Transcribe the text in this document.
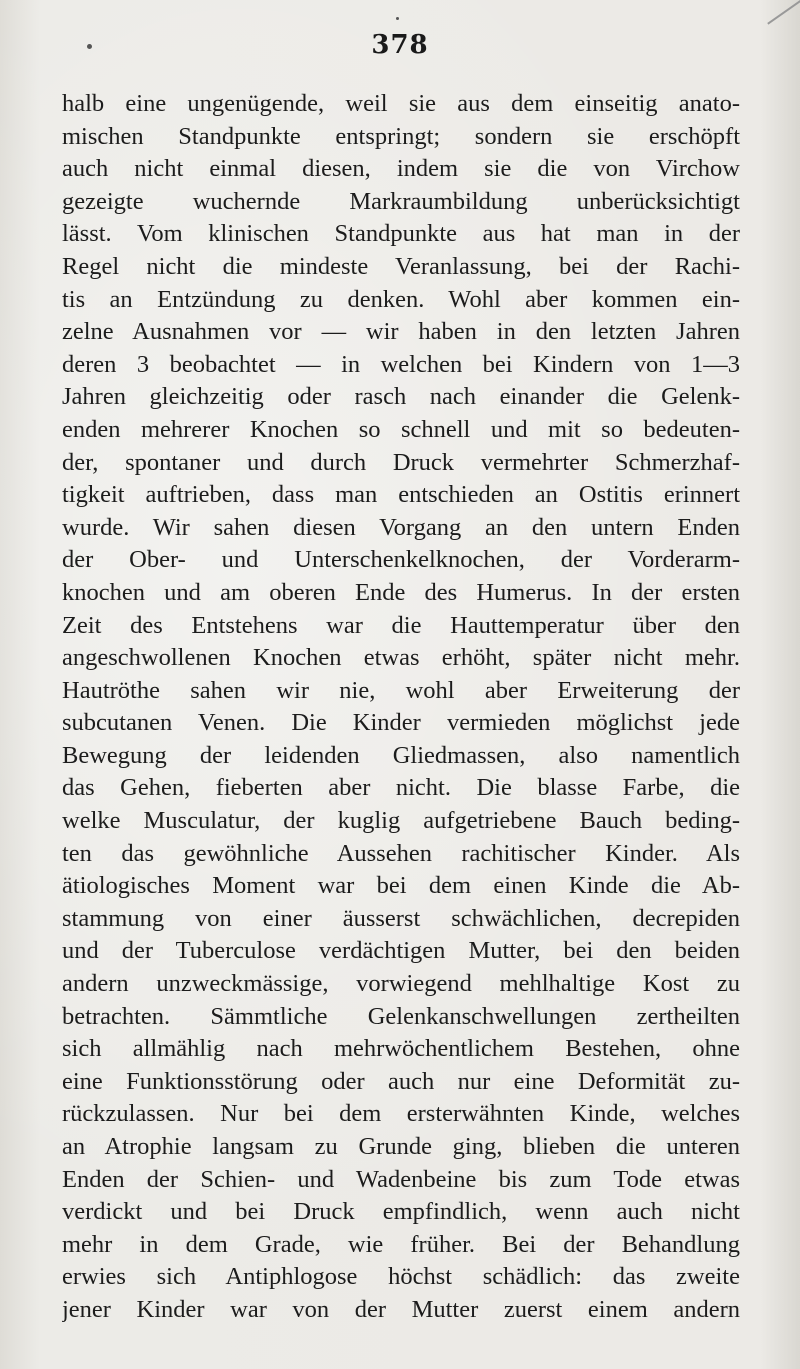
378
halb eine ungenügende, weil sie aus dem einseitig anato-
mischen Standpunkte entspringt; sondern sie erschöpft
auch nicht einmal diesen, indem sie die von Virchow
gezeigte wuchernde Markraumbildung unberücksichtigt
lässt. Vom klinischen Standpunkte aus hat man in der
Regel nicht die mindeste Veranlassung, bei der Rachi-
tis an Entzündung zu denken. Wohl aber kommen ein-
zelne Ausnahmen vor — wir haben in den letzten Jahren
deren 3 beobachtet — in welchen bei Kindern von 1—3
Jahren gleichzeitig oder rasch nach einander die Gelenk-
enden mehrerer Knochen so schnell und mit so bedeuten-
der, spontaner und durch Druck vermehrter Schmerzhaf-
tigkeit auftrieben, dass man entschieden an Ostitis erinnert
wurde. Wir sahen diesen Vorgang an den untern Enden
der Ober- und Unterschenkelknochen, der Vorderarm-
knochen und am oberen Ende des Humerus. In der ersten
Zeit des Entstehens war die Hauttemperatur über den
angeschwollenen Knochen etwas erhöht, später nicht mehr.
Hautröthe sahen wir nie, wohl aber Erweiterung der
subcutanen Venen. Die Kinder vermieden möglichst jede
Bewegung der leidenden Gliedmassen, also namentlich
das Gehen, fieberten aber nicht. Die blasse Farbe, die
welke Musculatur, der kuglig aufgetriebene Bauch beding-
ten das gewöhnliche Aussehen rachitischer Kinder. Als
ätiologisches Moment war bei dem einen Kinde die Ab-
stammung von einer äusserst schwächlichen, decrepiden
und der Tuberculose verdächtigen Mutter, bei den beiden
andern unzweckmässige, vorwiegend mehlhaltige Kost zu
betrachten. Sämmtliche Gelenkanschwellungen zertheilten
sich allmählig nach mehrwöchentlichem Bestehen, ohne
eine Funktionsstörung oder auch nur eine Deformität zu-
rückzulassen. Nur bei dem ersterwähnten Kinde, welches
an Atrophie langsam zu Grunde ging, blieben die unteren
Enden der Schien- und Wadenbeine bis zum Tode etwas
verdickt und bei Druck empfindlich, wenn auch nicht
mehr in dem Grade, wie früher. Bei der Behandlung
erwies sich Antiphlogose höchst schädlich: das zweite
jener Kinder war von der Mutter zuerst einem andern
